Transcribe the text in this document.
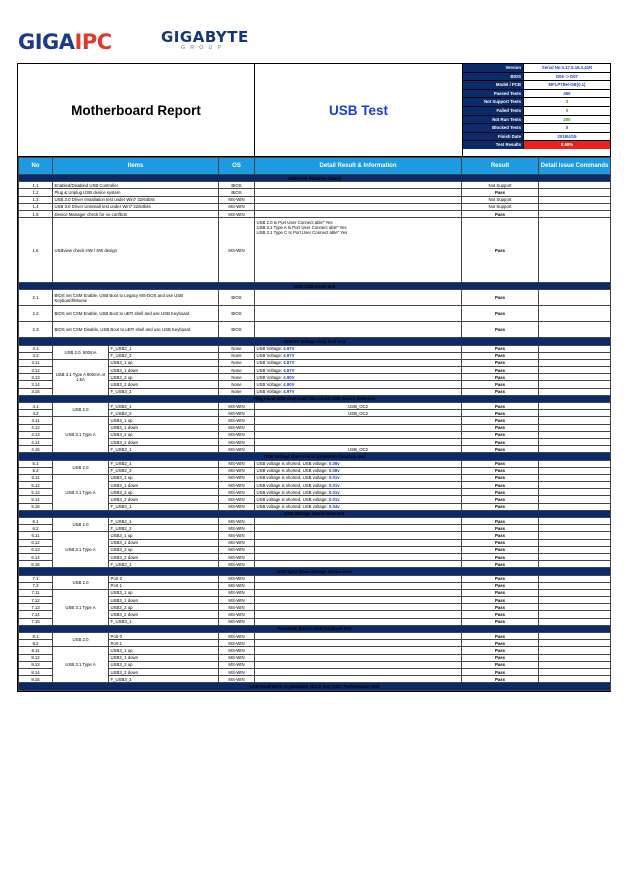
GIGAIPC	GIGABYTE
GROUP
Motherboard Report	USB Test
Version	Serial No:v.17.5.16.3.41R
BIOS	D06 -> D07
Model / PCB	MFLP7BH-GB(0.1)
Passed Tests	460
Not Support Tests	3
Failed Tests	0
Not Run Tests	200
Blocked Tests	0
Finish Date	2018/4/19
Test Results	0.98%
No	Items		OS	Detail Result & Information	Result	Detail Issue Commands
USB Frist Function Check						
1.1	Enabled/Disabled USB Controller		BIOS		Not Support	
1.2	Plug & Unplug USB device system		BIOS		Pass	
1.3	USB 3.0 Driver Installation test under Win7 32/64bits		MS-WIN		Not Support	
1.4	USB 3.0 Driver Uninstall test under Win7 32/64bits		MS-WIN		Not Support	
1.5	Device Manager check for no conflicts		MS-WIN		Pass	
1.6	USBview check HW / SW design		MS-WIN	USB 2.0 Is Port User Connect able" Yes
USB 3.1 Type A Is Port User Connect able" Yes
USB 3.1 Type C Is Port User Connect able" Yes	Pass	
USB CSM mode test						
2.1	BIOS set CSM Enable, USB Boot to Legacy MS-DOS and use USB Keyboard/Mouse		BIOS		Pass	
2.2	BIOS set CSM Enable, USB Boot to uEFI shell and use USB Keyboard		BIOS		Pass	
2.3	BIOS set CSM Disable, USB Boot to uEFI shell and use USB Keyboard		BIOS		Pass	
USB 5V Voltage drop load test						
3.1	USB 2.0, 500mA	F_USB2_1	None	USB Voltage: 4.97V	Pass	
3.2		F_USB2_2	None	USB Voltage: 4.97V	Pass	
3.11	USB 3.1 Type A 900mA or 1.5A	USB3_1 up	None	USB Voltage: 4.87V	Pass	
3.12		USB3_1 down	None	USB Voltage: 4.87V	Pass	
3.13		USB3_2 up	None	USB Voltage: 4.90V	Pass	
3.14		USB3_2 down	None	USB Voltage: 4.90V	Pass	
3.15		F_USB3_1	None	USB Voltage: 4.97V	Pass	
Plug in/out USB drop load then check USB device detection						
4.1	USB 2.0	F_USB2_1	MS-WIN	USB_OC2	Pass	
4.2		F_USB2_2	MS-WIN	USB_OC2	Pass	
4.11	USB 3.1 Type A	USB3_1 up	MS-WIN		Pass	
4.12		USB3_1 down	MS-WIN		Pass	
4.13		USB3_2 up	MS-WIN		Pass	
4.14		USB3_2 down	MS-WIN		Pass	
4.15		F_USB3_1	MS-WIN	USB_OC2	Pass	
USB Voltage short-circuit protection function test						
5.1	USB 2.0	F_USB2_1	MS-WIN	USB voltage is shorted, USB voltage: 0.08v	Pass	
5.2		F_USB2_2	MS-WIN	USB voltage is shorted, USB voltage: 0.08v	Pass	
5.11	USB 3.1 Type A	USB3_1 up	MS-WIN	USB voltage is shorted, USB voltage: 0.01v	Pass	
5.12		USB3_1 down	MS-WIN	USB voltage is shorted, USB voltage: 0.01v	Pass	
5.13		USB3_2 up	MS-WIN	USB voltage is shorted, USB voltage: 0.01v	Pass	
5.14		USB3_2 down	MS-WIN	USB voltage is shorted, USB voltage: 0.01v	Pass	
5.15		F_USB3_1	MS-WIN	USB voltage is shorted, USB voltage: 0.04v	Pass	
USB Storage device boot test						
6.1	USB 2.0	F_USB2_1	MS-WIN		Pass	
6.2		F_USB2_2	MS-WIN		Pass	
6.11	USB 3.1 Type A	USB3_1 up	MS-WIN		Pass	
6.12		USB3_1 down	MS-WIN		Pass	
6.13		USB3_2 up	MS-WIN		Pass	
6.14		USB3_2 down	MS-WIN		Pass	
6.15		F_USB3_1	MS-WIN		Pass	
USB Eject Mass Storage Device icon						
7.1	USB 2.0	Port 0	MS-WIN		Pass	
7.2		Port 1	MS-WIN		Pass	
7.11	USB 3.1 Type A	USB3_1 up	MS-WIN		Pass	
7.12		USB3_1 down	MS-WIN		Pass	
7.13		USB3_2 up	MS-WIN		Pass	
7.14		USB3_2 down	MS-WIN		Pass	
7.15		F_USB3_1	MS-WIN		Pass	
PassMark Burnin USB loopback test						
8.1	USB 2.0	Port 0	MS-WIN		Pass	
8.2		Port 1	MS-WIN		Pass	
8.11	USB 3.1 Type A	USB3_1 up	MS-WIN		Pass	
8.12		USB3_1 down	MS-WIN		Pass	
8.13		USB3_2 up	MS-WIN		Pass	
8.14		USB3_2 down	MS-WIN		Pass	
8.15		F_USB3_1	MS-WIN		Pass	
USB Read/Write CrystalMark v5.2.0 Seq Q32T Performance Test						
